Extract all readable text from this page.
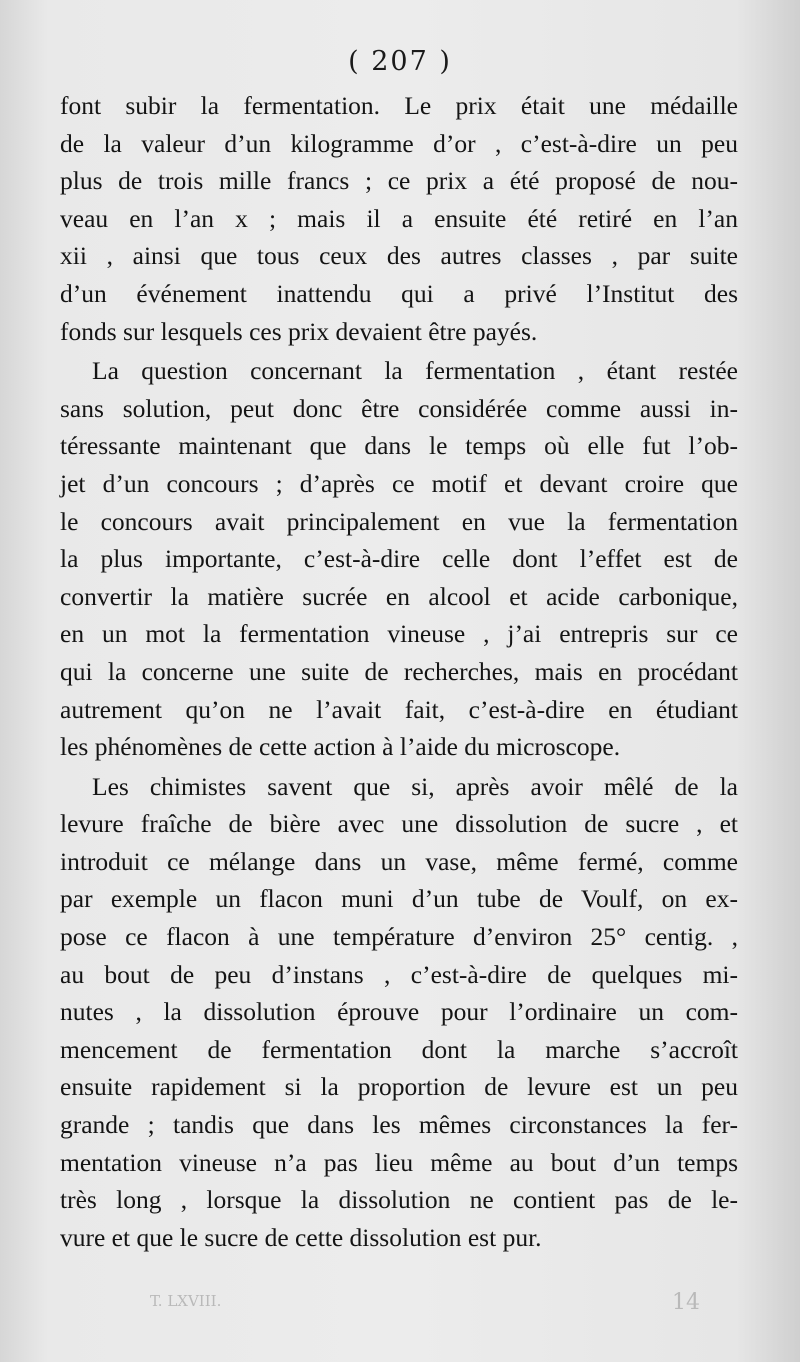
( 207 )
font subir la fermentation. Le prix était une médaille
de la valeur d’un kilogramme d’or , c’est-à-dire un peu
plus de trois mille francs ; ce prix a été proposé de nou-
veau en l’an x ; mais il a ensuite été retiré en l’an
xii , ainsi que tous ceux des autres classes , par suite
d’un événement inattendu qui a privé l’Institut des
fonds sur lesquels ces prix devaient être payés.
La question concernant la fermentation , étant restée
sans solution, peut donc être considérée comme aussi in-
téressante maintenant que dans le temps où elle fut l’ob-
jet d’un concours ; d’après ce motif et devant croire que
le concours avait principalement en vue la fermentation
la plus importante, c’est-à-dire celle dont l’effet est de
convertir la matière sucrée en alcool et acide carbonique,
en un mot la fermentation vineuse , j’ai entrepris sur ce
qui la concerne une suite de recherches, mais en procédant
autrement qu’on ne l’avait fait, c’est-à-dire en étudiant
les phénomènes de cette action à l’aide du microscope.
Les chimistes savent que si, après avoir mêlé de la
levure fraîche de bière avec une dissolution de sucre , et
introduit ce mélange dans un vase, même fermé, comme
par exemple un flacon muni d’un tube de Voulf, on ex-
pose ce flacon à une température d’environ 25° centig. ,
au bout de peu d’instans , c’est-à-dire de quelques mi-
nutes , la dissolution éprouve pour l’ordinaire un com-
mencement de fermentation dont la marche s’accroît
ensuite rapidement si la proportion de levure est un peu
grande ; tandis que dans les mêmes circonstances la fer-
mentation vineuse n’a pas lieu même au bout d’un temps
très long , lorsque la dissolution ne contient pas de le-
vure et que le sucre de cette dissolution est pur.
T. LXVIII.	14
